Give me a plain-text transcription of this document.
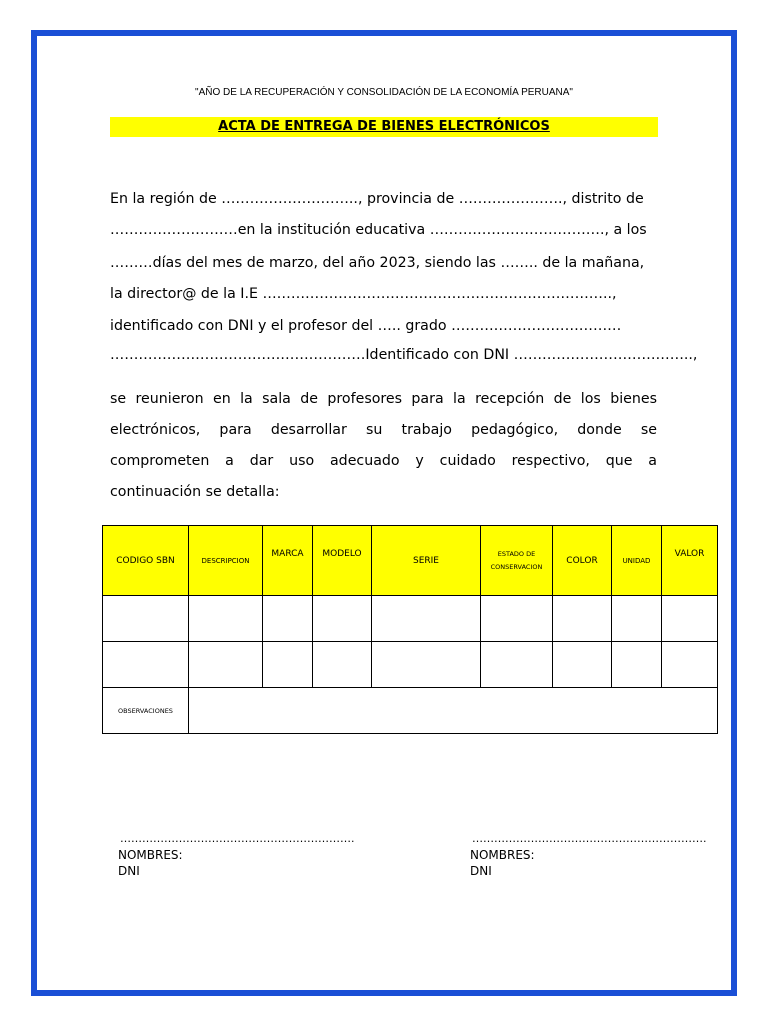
"AÑO DE LA RECUPERACIÓN Y CONSOLIDACIÓN DE LA ECONOMÍA PERUANA"
ACTA DE ENTREGA DE BIENES ELECTRÓNICOS
En la región de ……………………….., provincia de …………………., distrito de
………………………en la institución educativa ………………………………., a los
………días del mes de marzo, del año 2023, siendo las …….. de la mañana,
la director@ de la I.E ………………………………………………………………..,
identificado con DNI y el profesor del ….. grado ………………………………
………………………………………………Identificado con DNI ………………………………..,
se reunieron en la sala de profesores para la recepción de los bienes
electrónicos, para desarrollar su trabajo pedagógico, donde se
comprometen a dar uso adecuado y cuidado respectivo, que a
continuación se detalla:
CODIGO SBN	DESCRIPCION	MARCA	MODELO	SERIE	ESTADO DE CONSERVACION	COLOR	UNIDAD	VALOR

OBSERVACIONES								
……………………………………………………….
NOMBRES:
DNI
……………………………………………………….
NOMBRES:
DNI
